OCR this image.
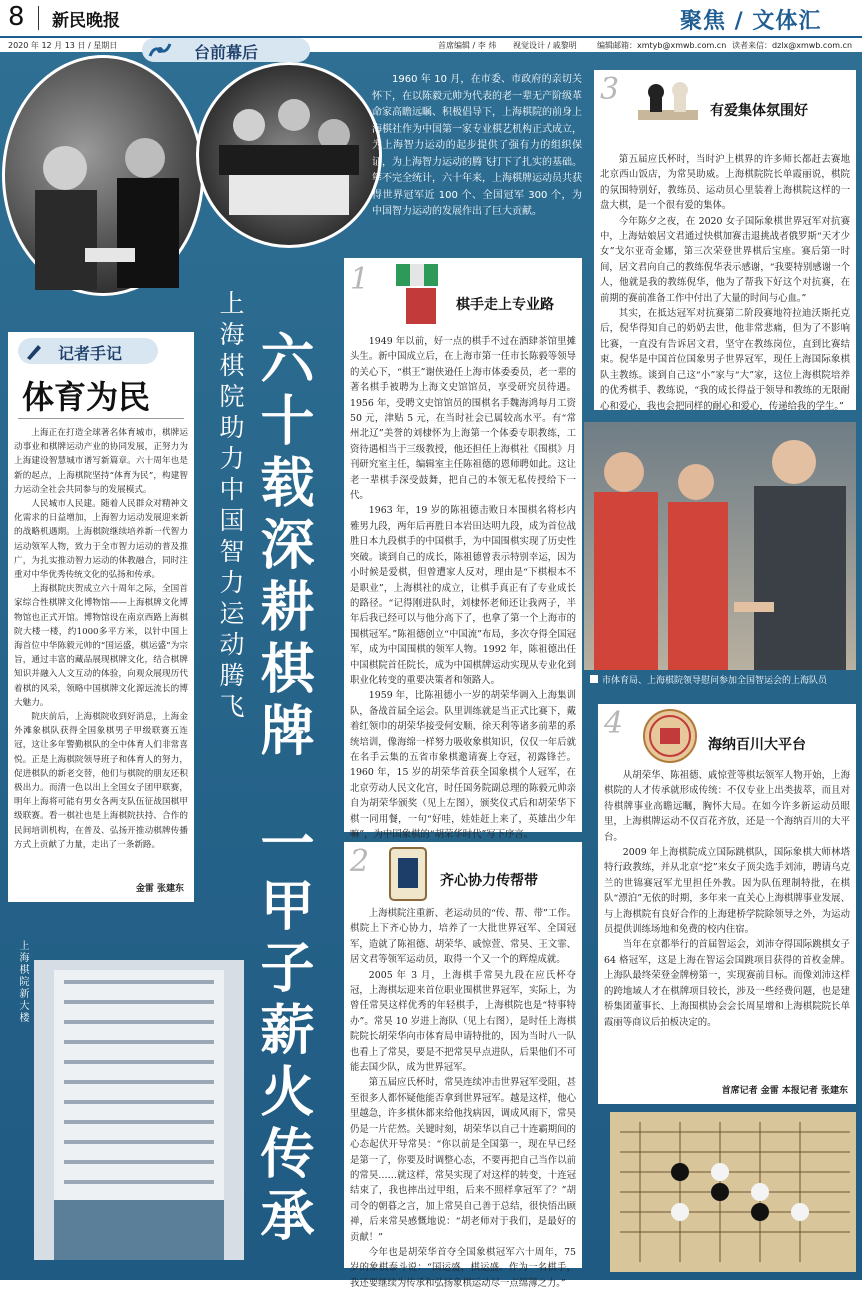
8 新民晚报	聚焦 / 文体汇
2020 年 12 月 13 日 / 星期日	首席编辑 / 李 炜 视觉设计 / 戚黎明	编辑邮箱：xmtyb@xmwb.com.cn 读者来信：dzlx@xmwb.com.cn
台前幕后

1960 年 10 月，在市委、市政府的亲切关怀下，在以陈毅元帅为代表的老一辈无产阶级革命家高瞻远瞩、积极倡导下，上海棋院的前身上海棋社作为中国第一家专业棋艺机构正式成立，为上海智力运动的起步提供了强有力的组织保证，为上海智力运动的腾飞打下了扎实的基础。筚不完全统计，六十年来，上海棋牌运动员共获得世界冠军近 100 个、全国冠军 300 个，为中国智力运动的发展作出了巨大贡献。

上海棋院助力中国智力运动腾飞 六十载深耕棋牌
一甲子薪火传承
记者手记
体育为民

上海正在打造全球著名体育城市，棋牌运动事业和棋牌运动产业的协同发展，正努力为上海建设智慧城市谱写新篇章。六十周年也是新的起点，上海棋院坚持“体育为民”，构建智力运动全社会共同参与的发展模式。

人民城市人民建。随着人民群众对精神文化需求的日益增加，上海智力运动发展迎来新的战略机遇期。上海棋院继续培养新一代智力运动领军人物，致力于全市智力运动的普及推广，为扎实推动智力运动的体教融合，同时注重对中华优秀传统文化的弘扬和传承。

上海棋院庆贺成立六十周年之际，全国首家综合性棋牌文化博物馆——上海棋牌文化博物馆也正式开馆。博物馆设在南京西路上海棋院大楼一楼，约1000多平方米，以针中国上海首位中华陈毅元帅的“国运盛，棋运盛”为宗旨，通过丰富的藏品展现棋牌文化，结合棋牌知识并融入人文互动的体验，向观众展现历代着棋的风采，领略中国棋牌文化源远流长的博大魅力。

院庆前后，上海棋院收到好消息，上海金外滩象棋队获得全国象棋男子甲级联赛五连冠，这让多年警勤棋队的全中体育人们非常喜悦。正是上海棋院领导班子和体育人的努力，促进棋队的新老交替，他们与棋院的朋友还积极出力。而清一色以出上全国女子团甲联赛，明年上海将可能有男女各两支队伍征战国棋甲级联赛。看一棋社也是上海棋院扶持、合作的民间培训机构，在普及、弘扬开推动棋牌传播方式上贡献了力量，走出了一条新路。

金雷 张建东
上海棋院新大楼
3
有爱集体氛围好

第五届应氏杯时，当时沪上棋界的许多师长都赶去赛地北京西山饭店，为常昊助威。上海棋院院长单霞丽说，棋院的氛围特别好，教练员、运动员心里装着上海棋院这样的一盘大棋，是一个很有爱的集体。

今年陈夕之夜，在 2020 女子国际象棋世界冠军对抗赛中，上海姑娘居文君通过快棋加赛击退挑战者俄罗斯“天才少女”戈尔亚奇金娜，第三次荣登世界棋后宝座。赛后第一时间，居文君向自己的教练倪华表示感谢，“我要特别感谢一个人，他就是我的教练倪华，他为了帮我下好这个对抗赛，在前期的赛前准备工作中付出了大量的时间与心血。”

其实，在抵达冠军对抗赛第二阶段赛地符拉迪沃斯托克后，倪华得知自己的奶奶去世，他非常悲痛，但为了不影响比赛，一直没有告诉居文君，坚守在教练岗位，直到比赛结束。倪华是中国首位国象男子世界冠军，现任上海国际象棋队主教练。谈到自己这“小”家与“大”家，这位上海棋院培养的优秀棋手、教练说，“我的成长得益于领导和教练的无限耐心和爱心，我也会把同样的耐心和爱心，传递给我的学生。”

1
棋手走上专业路

1949 年以前，好一点的棋手不过在酒肆茶馆里摊头生。新中国成立后，在上海市第一任市长陈毅等领导的关心下，“棋王”谢侠逊任上海市体委委员，老一辈的著名棋手被聘为上海文史馆馆员，享受研究员待遇。1956 年，受聘文史馆馆员的围棋名手魏海鸿每月工资 50 元，津贴 5 元，在当时社会已属较高水平。有“常州北辽”美誉的刘棣怀为上海第一个体委专职教练，工资待遇相当于三级教授，他还担任上海棋社《围棋》月刊研究室主任，编辑室主任陈祖德的恩师聘如此。这让老一辈棋手深受鼓舞，把自己的本领无私传授给下一代。

1963 年，19 岁的陈祖德击败日本围棋名将杉内雅男九段，两年后再胜日本岩田达明九段，成为首位战胜日本九段棋手的中国棋手，为中国围棋实现了历史性突破。谈到自己的成长，陈祖德曾表示特别幸运，因为小时候是爱棋，但曾遭家人反对，理由是“下棋根本不是职业”，上海棋社的成立，让棋手真正有了专业成长的路径。“记得刚进队时，刘棣怀老师还让我两子，半年后我已经可以与他分高下了，也拿了第一个上海市的围棋冠军。”陈祖德创立“中国流”布局，多次夺得全国冠军，成为中国围棋的领军人物。1992 年，陈祖德出任中国棋院首任院长，成为中国棋牌运动实现从专业化到职业化转变的重要决策者和领路人。

1959 年，比陈祖德小一岁的胡荣华调入上海集训队，备战首届全运会。队里训练就是当正式比赛下，戴着红领巾的胡荣华接受何安顺、徐天利等诸多前辈的系统培训，像海绵一样努力吸收象棋知识，仅仅一年后就在名手云集的五省市象棋邀请赛上夺冠，初露锋芒。1960 年，15 岁的胡荣华首获全国象棋个人冠军，在北京劳动人民文化宫，时任国务院副总理的陈毅元帅亲自为胡荣华颁奖（见上左图），颁奖仪式后和胡荣华下棋一同用餐，一句“好哇，娃娃赶上来了，英雄出少年嘛”，为中国象棋的“胡荣华时代”写下序言。

市体育局、上海棋院领导慰问参加全国智运会的上海队员
4
海纳百川大平台

从胡荣华、陈祖德、戚惊萱等棋坛领军人物开始，上海棋院的人才传承就形成传统：不仅专业上出类拔萃，而且对待棋牌事业高瞻远瞩，胸怀大局。在如今许多新运动员眼里，上海棋牌运动不仅百花齐放，还是一个海纳百川的大平台。

2009 年上海棋院成立国际跳棋队，国际象棋大师林塔特行政教练，并从北京“挖”来女子顶尖选手刘沛，聘请乌克兰的世锦赛冠军尤里担任外教。因为队伍理制特批，在棋队“漂泊”无依的时期，多年来一直关心上海棋牌事业发展、与上海棋院有良好合作的上海建桥学院除领导之外，为运动员提供训练场地和免费的校内住宿。

当年在京都举行的首届智运会，刘沛夺得国际跳棋女子 64 格冠军，这是上海在智运会国跳项目获得的首枚金牌。上海队最终荣登金牌榜第一，实现赛前目标。而像刘沛这样的跨地域人才在棋牌项目较长，涉及一些经费问题，也是建桥集团董事长、上海围棋协会会长周星增和上海棋院院长单霞丽等商议后拍板决定的。

首席记者 金雷 本报记者 张建东
2
齐心协力传帮带

上海棋院注重新、老运动员的“传、帮、带”工作。棋院上下齐心协力，培养了一大批世界冠军、全国冠军，造就了陈祖德、胡荣华、戚惊萱、常昊、王文霏、居文君等领军运动员，取得一个又一个的辉煌成就。

2005 年 3 月，上海棋手常昊九段在应氏杯夺冠，上海棋坛迎来首位职业围棋世界冠军，实际上，为曾任常昊这样优秀的年轻棋手，上海棋院也是“特事特办”。常昊 10 岁进上海队（见上右图），是时任上海棋院院长胡荣华向市体育局申请特批的，因为当时八一队也看上了常昊，要是不把常昊早点进队，后果他们不可能去国少队，成为世界冠军。

第五届应氏杯时，常昊连续冲击世界冠军受阻，甚至很多人都怀疑他能否拿到世界冠军。越是这样，他心里越急，许多棋休都来给他找病因，调成风雨下，常昊仍是一片茫然。关键时刻，胡荣华以自己十连霸期间的心态起伏开导常昊：“你以前是全国第一，现在早已经是第一了，你要及时调整心态，不要再把自己当作以前的常昊……就这样，常昊实现了对这样的转变，十连冠结束了，我也摔出过甲组，后来不照样拿冠军了？”胡司令的朝暮之言，加上常昊自己善于总结，很快悟出顾禅，后来常昊感慨地说：“胡老师对于我们，是最好的贡献！”

今年也是胡荣华首夺全国象棋冠军六十周年，75 岁的象棋泰斗说：“国运盛，棋运盛。作为一名棋手，我还要继续为传承和弘扬象棋运动尽一点绵薄之力。”
